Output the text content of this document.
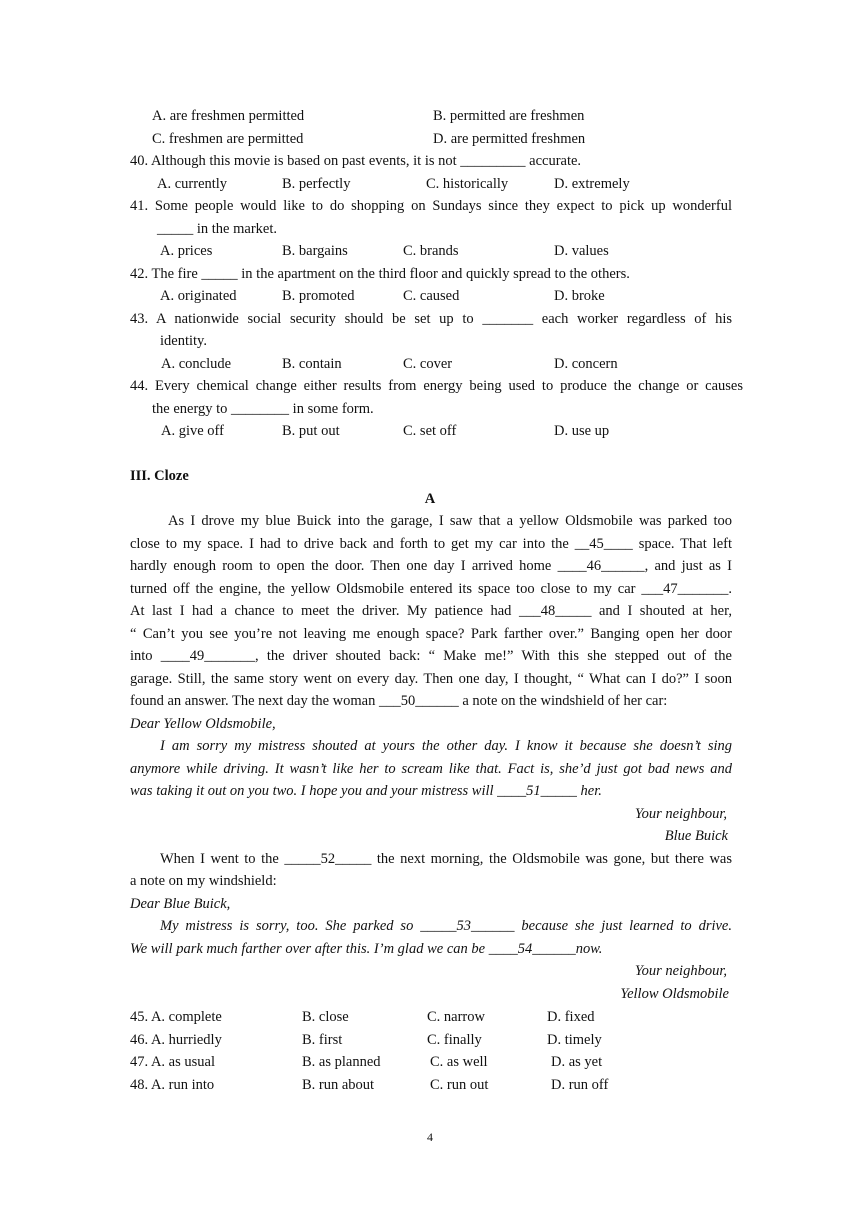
A. are freshmen permitted	B. permitted are freshmen
C. freshmen are permitted	D. are permitted freshmen
40. Although this movie is based on past events, it is not _________ accurate.
A. currently	B. perfectly	C. historically	D. extremely
41. Some people would like to do shopping on Sundays since they expect to pick up wonderful
_____ in the market.
A. prices	B. bargains	C. brands	D. values
42. The fire _____ in the apartment on the third floor and quickly spread to the others.
A. originated	B. promoted	C. caused	D. broke
43. A nationwide social security should be set up to _______ each worker regardless of his
identity.
A. conclude	B. contain	C. cover	D. concern
44. Every chemical change either results from energy being used to produce the change or causes
the energy to ________ in some form.
A. give off	B. put out	C. set off	D. use up
III. Cloze
A
As I drove my blue Buick into the garage, I saw that a yellow Oldsmobile was parked too
close to my space. I had to drive back and forth to get my car into the __45____ space. That left
hardly enough room to open the door. Then one day I arrived home ____46______, and just as I
turned off the engine, the yellow Oldsmobile entered its space too close to my car ___47_______.
At last I had a chance to meet the driver. My patience had ___48_____ and I shouted at her,
“ Can’t you see you’re not leaving me enough space? Park farther over.” Banging open her door
into ____49_______, the driver shouted back: “ Make me!” With this she stepped out of the
garage. Still, the same story went on every day. Then one day, I thought, “ What can I do?” I soon
found an answer. The next day the woman ___50______ a note on the windshield of her car:
Dear Yellow Oldsmobile,
I am sorry my mistress shouted at yours the other day. I know it because she doesn’t sing
anymore while driving. It wasn’t like her to scream like that. Fact is, she’d just got bad news and
was taking it out on you two. I hope you and your mistress will ____51_____ her.
Your neighbour,
Blue Buick
When I went to the _____52_____ the next morning, the Oldsmobile was gone, but there was
a note on my windshield:
Dear Blue Buick,
My mistress is sorry, too. She parked so _____53______ because she just learned to drive.
We will park much farther over after this. I’m glad we can be ____54______now.
Your neighbour,
Yellow Oldsmobile
45. A. complete	B. close	C. narrow	D. fixed
46. A. hurriedly	B. first	C. finally	D. timely
47. A. as usual	B. as planned	C. as well	D. as yet
48. A. run into	B. run about	C. run out	D. run off
4
